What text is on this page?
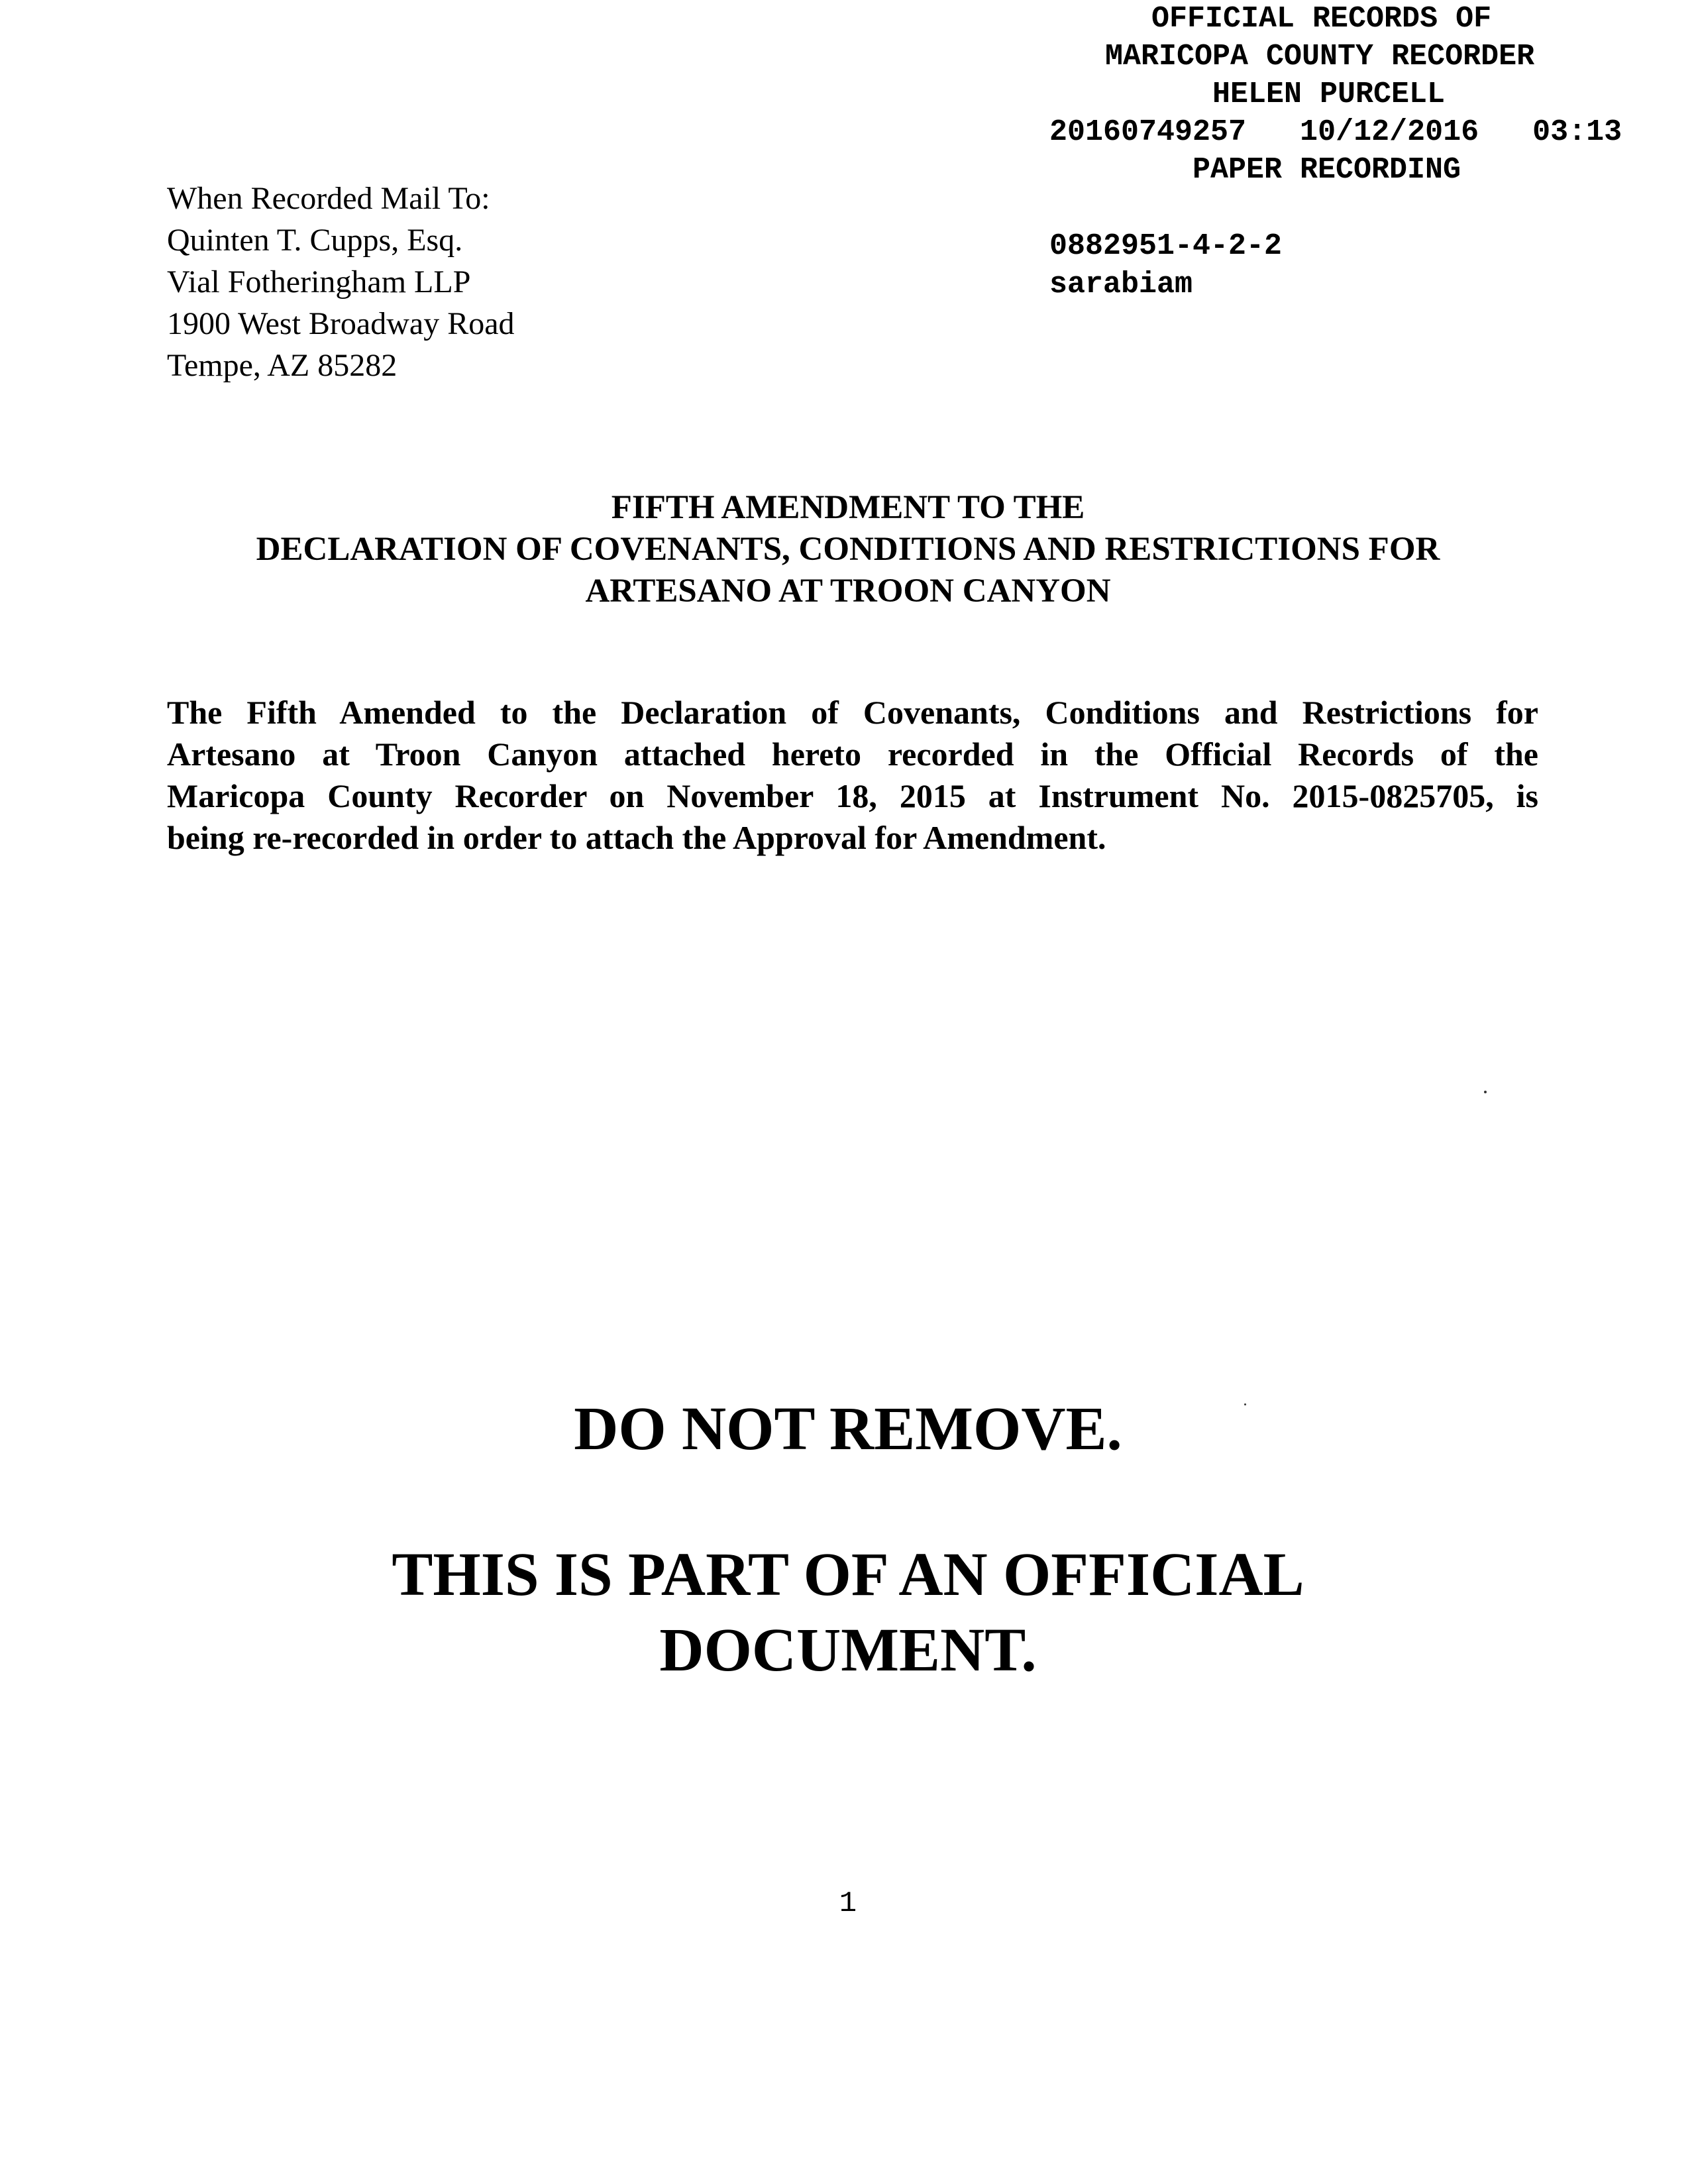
OFFICIAL RECORDS OF

MARICOPA COUNTY RECORDER

HELEN PURCELL

20160749257   10/12/2016   03:13

PAPER RECORDING

0882951-4-2-2

sarabiam

When Recorded Mail To:
Quinten T. Cupps, Esq.
Vial Fotheringham LLP
1900 West Broadway Road
Tempe, AZ 85282
FIFTH AMENDMENT TO THE
DECLARATION OF COVENANTS, CONDITIONS AND RESTRICTIONS FOR
ARTESANO AT TROON CANYON
The Fifth Amended to the Declaration of Covenants, Conditions and Restrictions for
Artesano at Troon Canyon attached hereto recorded in the Official Records of the
Maricopa County Recorder on November 18, 2015 at Instrument No. 2015-0825705, is
being re-recorded in order to attach the Approval for Amendment.
DO NOT REMOVE.
THIS IS PART OF AN OFFICIAL
DOCUMENT.
1
